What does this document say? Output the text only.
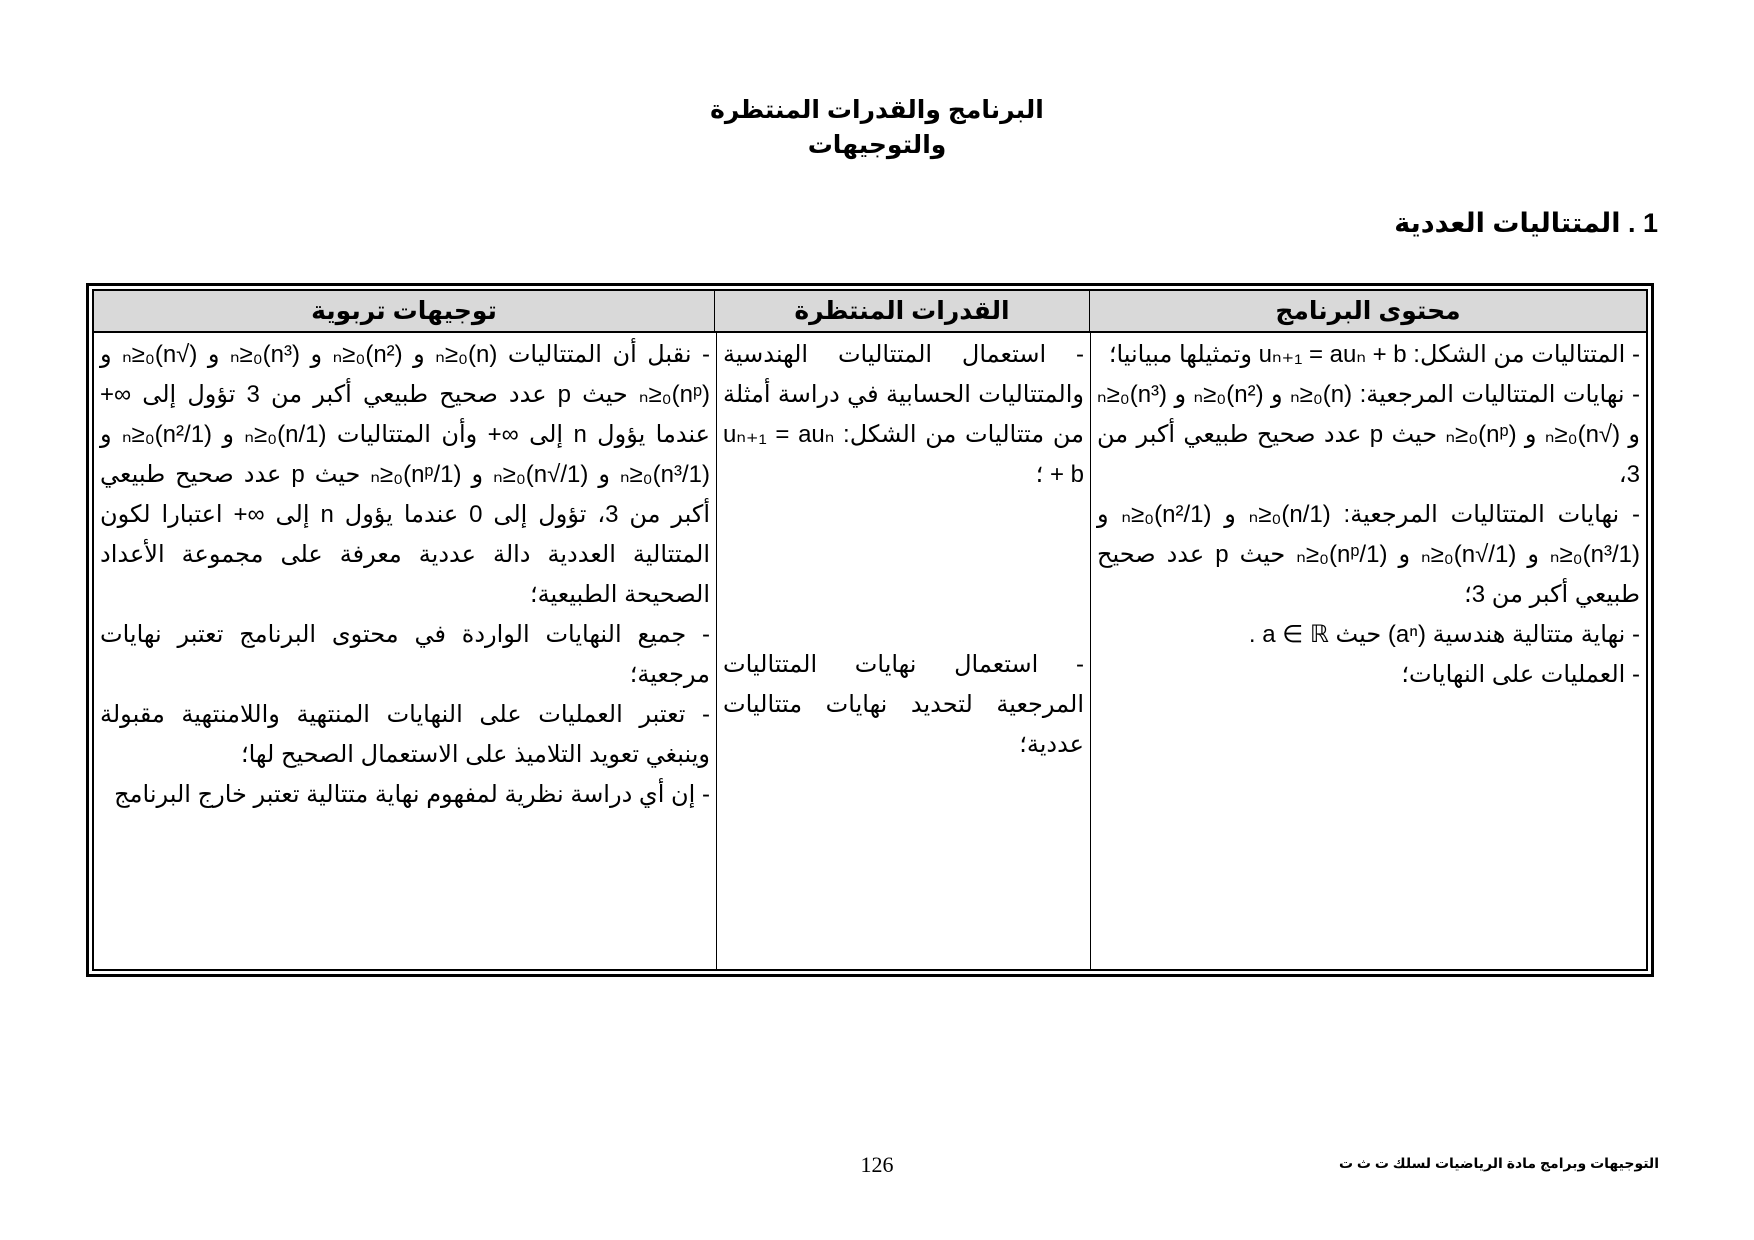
البرنامج والقدرات المنتظرة
والتوجيهات
1 . المتتاليات العددية
محتوى البرنامج
القدرات المنتظرة
توجيهات تربوية

- المتتاليات من الشكل: uₙ₊₁ = auₙ + b وتمثيلها مبيانيا؛

- نهايات المتتاليات المرجعية: (n)ₙ≥₀ و (n²)ₙ≥₀ و (n³)ₙ≥₀ و (√n)ₙ≥₀ و (nᵖ)ₙ≥₀ حيث p عدد صحيح طبيعي أكبر من 3،

- نهايات المتتاليات المرجعية: (1/n)ₙ≥₀ و (1/n²)ₙ≥₀ و (1/n³)ₙ≥₀ و (1/√n)ₙ≥₀ و (1/nᵖ)ₙ≥₀ حيث p عدد صحيح طبيعي أكبر من 3؛

- نهاية متتالية هندسية (aⁿ) حيث a ∈ ℝ .

- العمليات على النهايات؛

- استعمال المتتاليات الهندسية والمتتاليات الحسابية في دراسة أمثلة من متتاليات من الشكل: uₙ₊₁ = auₙ + b ؛

- استعمال نهايات المتتاليات المرجعية لتحديد نهايات متتاليات عددية؛

- نقبل أن المتتاليات (n)ₙ≥₀ و (n²)ₙ≥₀ و (n³)ₙ≥₀ و (√n)ₙ≥₀ و (nᵖ)ₙ≥₀ حيث p عدد صحيح طبيعي أكبر من 3 تؤول إلى ∞+ عندما يؤول n إلى ∞+ وأن المتتاليات (1/n)ₙ≥₀ و (1/n²)ₙ≥₀ و (1/n³)ₙ≥₀ و (1/√n)ₙ≥₀ و (1/nᵖ)ₙ≥₀ حيث p عدد صحيح طبيعي أكبر من 3، تؤول إلى 0 عندما يؤول n إلى ∞+ اعتبارا لكون المتتالية العددية دالة عددية معرفة على مجموعة الأعداد الصحيحة الطبيعية؛

- جميع النهايات الواردة في محتوى البرنامج تعتبر نهايات مرجعية؛

- تعتبر العمليات على النهايات المنتهية واللامنتهية مقبولة وينبغي تعويد التلاميذ على الاستعمال الصحيح لها؛

- إن أي دراسة نظرية لمفهوم نهاية متتالية تعتبر خارج البرنامج

126	التوجيهات وبرامج مادة الرياضيات لسلك ت ث ت
